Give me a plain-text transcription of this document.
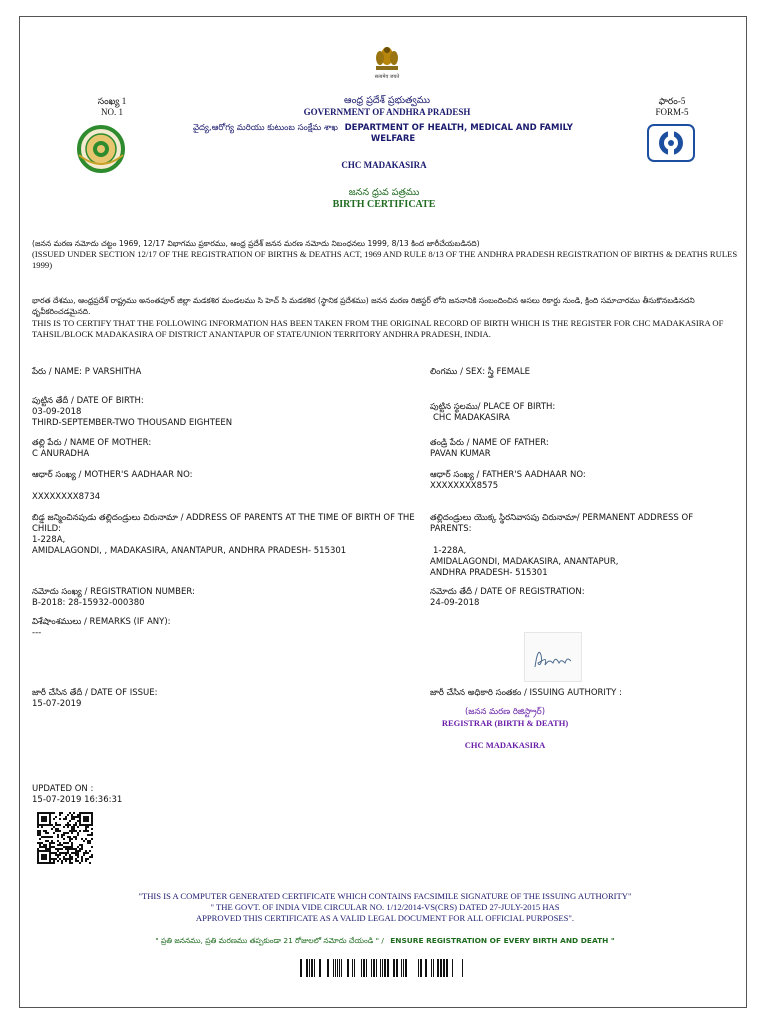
सत्यमेव जयते
సంఖ్య 1
NO. 1
ఫారం-5
FORM-5
ఆంధ్ర ప్రదేశ్ ప్రభుత్వము
GOVERNMENT OF ANDHRA PRADESH
వైద్య,ఆరోగ్య మరియు కుటుంబ సంక్షేమ శాఖ DEPARTMENT OF HEALTH, MEDICAL AND FAMILY
WELFARE
CHC MADAKASIRA
జనన ధ్రువ పత్రము
BIRTH CERTIFICATE
(జనన మరణ నమోదు చట్టం 1969, 12/17 విభాగము ప్రకారము, ఆంధ్ర ప్రదేశ్ జనన మరణ నమోదు నిబంధనలు 1999, 8/13 కింద జారీచేయబడినది)
(ISSUED UNDER SECTION 12/17 OF THE REGISTRATION OF BIRTHS & DEATHS ACT, 1969 AND RULE 8/13 OF THE ANDHRA PRADESH REGISTRATION OF BIRTHS & DEATHS RULES 1999)
భారత దేశము, ఆంధ్రప్రదేశ్ రాష్ట్రము అనంతపూర్ జిల్లా మడకశిర మండలము సి హెచ్ సి మడకశిర (స్థానిక ప్రదేశము) జనన మరణ రిజిస్టర్ లోని జననానికి సంబందించిన అసలు రికార్డు నుండి, క్రింది సమాచారము తీసుకొనబడినదని ధృవీకరించడమైనది.
THIS IS TO CERTIFY THAT THE FOLLOWING INFORMATION HAS BEEN TAKEN FROM THE ORIGINAL RECORD OF BIRTH WHICH IS THE REGISTER FOR CHC MADAKASIRA OF TAHSIL/BLOCK MADAKASIRA OF DISTRICT ANANTAPUR OF STATE/UNION TERRITORY ANDHRA PRADESH, INDIA.
పేరు / NAME: P VARSHITHA	లింగము / SEX: స్త్రీ FEMALE
పుట్టిన తేదీ / DATE OF BIRTH:
03-09-2018
THIRD-SEPTEMBER-TWO THOUSAND EIGHTEEN
పుట్టిన స్థలము/ PLACE OF BIRTH:
CHC MADAKASIRA
తల్లి పేరు / NAME OF MOTHER:
C ANURADHA
తండ్రి పేరు / NAME OF FATHER:
PAVAN KUMAR
ఆధార్ సంఖ్య / MOTHER'S AADHAAR NO:
XXXXXXXX8734
ఆధార్ సంఖ్య / FATHER'S AADHAAR NO:
XXXXXXXX8575
బిడ్డ జన్మించినపుడు తల్లిదండ్రులు చిరునామా / ADDRESS OF PARENTS AT THE TIME OF BIRTH OF THE CHILD:
1-228A,
AMIDALAGONDI, , MADAKASIRA, ANANTAPUR, ANDHRA PRADESH- 515301
తల్లిదండ్రులు యొక్క స్థిరనివాసపు చిరునామా/ PERMANENT ADDRESS OF PARENTS:
1-228A,
AMIDALAGONDI, MADAKASIRA, ANANTAPUR,
ANDHRA PRADESH- 515301
నమోదు సంఖ్య / REGISTRATION NUMBER:
B-2018: 28-15932-000380
నమోదు తేదీ / DATE OF REGISTRATION:
24-09-2018
విశేషాంశములు / REMARKS (IF ANY):
---
జారీ చేసిన తేదీ / DATE OF ISSUE:
15-07-2019
జారీ చేసిన అధికారి సంతకం / ISSUING AUTHORITY :
(జనన మరణ రిజిస్ట్రార్)
REGISTRAR (BIRTH & DEATH)
CHC MADAKASIRA
UPDATED ON :
15-07-2019 16:36:31
"THIS IS A COMPUTER GENERATED CERTIFICATE WHICH CONTAINS FACSIMILE SIGNATURE OF THE ISSUING AUTHORITY"
" THE GOVT. OF INDIA VIDE CIRCULAR NO. 1/12/2014-VS(CRS) DATED 27-JULY-2015 HAS
APPROVED THIS CERTIFICATE AS A VALID LEGAL DOCUMENT FOR ALL OFFICIAL PURPOSES".
" ప్రతి జననము, ప్రతి మరణము తప్పకుండా 21 రోజులలో నమోదు చేయండి " / ENSURE REGISTRATION OF EVERY BIRTH AND DEATH "
